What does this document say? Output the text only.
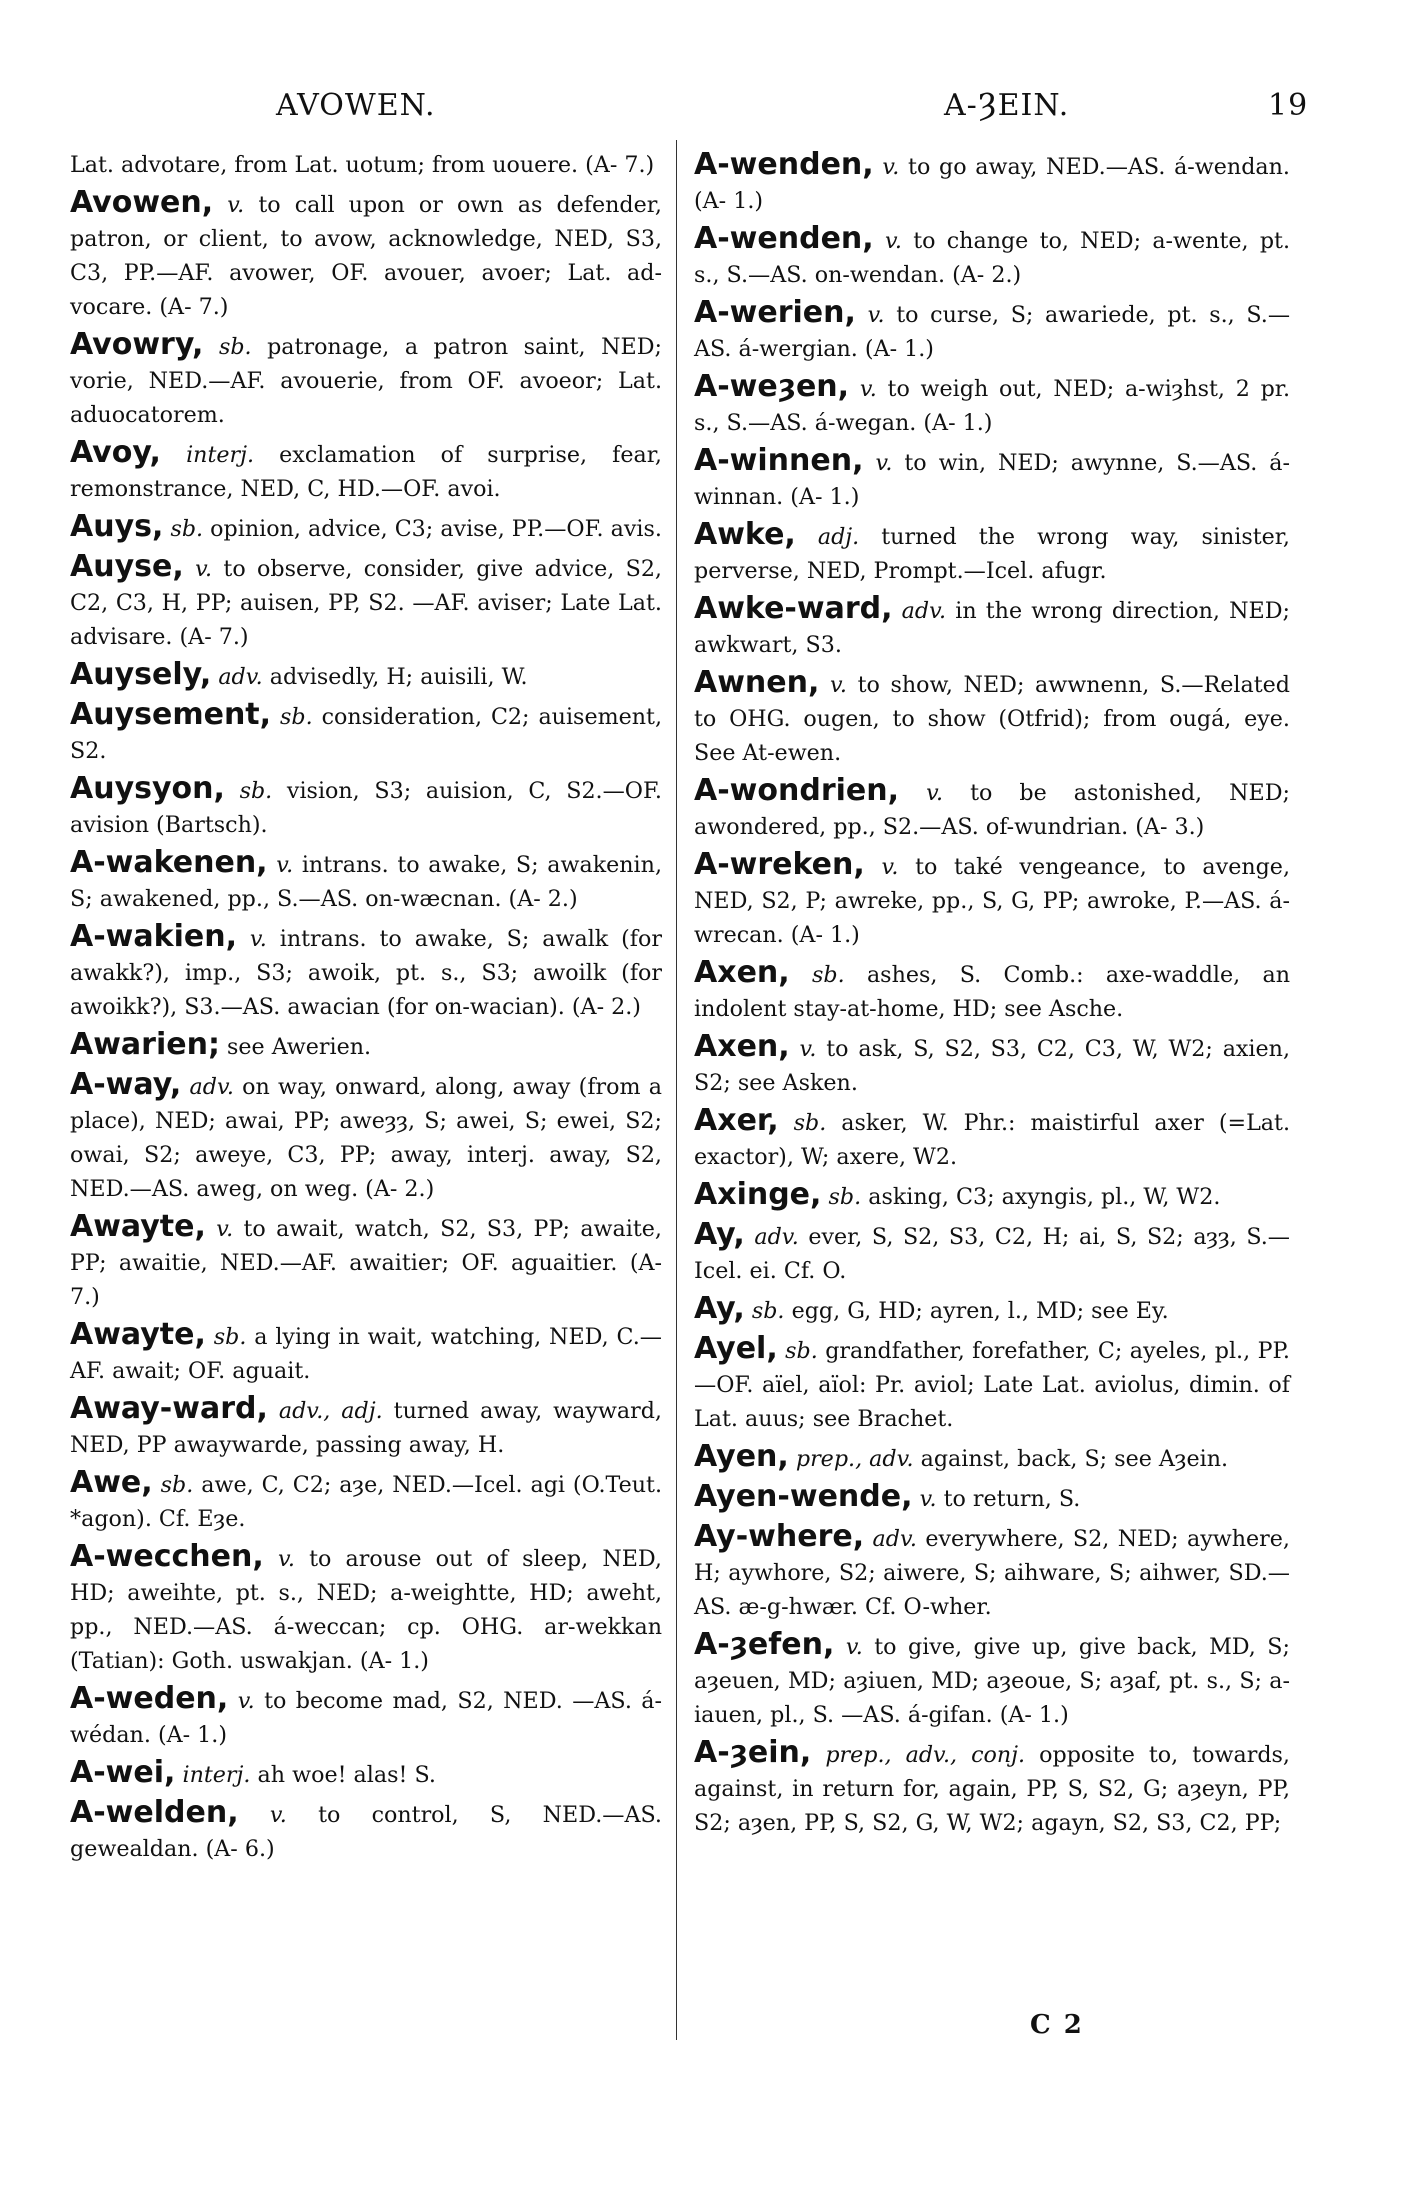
AVOWEN.	A-ȜEIN.	19

Lat. advotare, from Lat. uotum; from uouere. (A- 7.)

Avowen, v. to call upon or own as defender, patron, or client, to avow, acknowledge, NED, S3, C3, PP.—AF. avower, OF. avouer, avoer; Lat. ad-vocare. (A- 7.)

Avowry, sb. patronage, a patron saint, NED; vorie, NED.—AF. avouerie, from OF. avoeor; Lat. aduocatorem.

Avoy, interj. exclamation of surprise, fear, remonstrance, NED, C, HD.—OF. avoi.

Auys, sb. opinion, advice, C3; avise, PP.—OF. avis.

Auyse, v. to observe, consider, give advice, S2, C2, C3, H, PP; auisen, PP, S2. —AF. aviser; Late Lat. advisare. (A- 7.)

Auysely, adv. advisedly, H; auisili, W.

Auysement, sb. consideration, C2; auisement, S2.

Auysyon, sb. vision, S3; auision, C, S2.—OF. avision (Bartsch).

A-wakenen, v. intrans. to awake, S; awakenin, S; awakened, pp., S.—AS. on-wæcnan. (A- 2.)

A-wakien, v. intrans. to awake, S; awalk (for awakk?), imp., S3; awoik, pt. s., S3; awoilk (for awoikk?), S3.—AS. awacian (for on-wacian). (A- 2.)

Awarien; see Awerien.

A-way, adv. on way, onward, along, away (from a place), NED; awai, PP; aweȝȝ, S; awei, S; ewei, S2; owai, S2; aweye, C3, PP; away, interj. away, S2, NED.—AS. aweg, on weg. (A- 2.)

Awayte, v. to await, watch, S2, S3, PP; awaite, PP; awaitie, NED.—AF. awaitier; OF. aguaitier. (A- 7.)

Awayte, sb. a lying in wait, watching, NED, C.—AF. await; OF. aguait.

Away-ward, adv., adj. turned away, wayward, NED, PP awaywarde, passing away, H.

Awe, sb. awe, C, C2; aȝe, NED.—Icel. agi (O.Teut. *agon). Cf. Eȝe.

A-wecchen, v. to arouse out of sleep, NED, HD; aweihte, pt. s., NED; a-weightte, HD; aweht, pp., NED.—AS. á-weccan; cp. OHG. ar-wekkan (Tatian): Goth. uswakjan. (A- 1.)

A-weden, v. to become mad, S2, NED. —AS. á-wédan. (A- 1.)

A-wei, interj. ah woe! alas! S.

A-welden, v. to control, S, NED.—AS. gewealdan. (A- 6.)

A-wenden, v. to go away, NED.—AS. á-wendan. (A- 1.)

A-wenden, v. to change to, NED; a-wente, pt. s., S.—AS. on-wendan. (A- 2.)

A-werien, v. to curse, S; awariede, pt. s., S.—AS. á-wergian. (A- 1.)

A-weȝen, v. to weigh out, NED; a-wiȝhst, 2 pr. s., S.—AS. á-wegan. (A- 1.)

A-winnen, v. to win, NED; awynne, S.—AS. á-winnan. (A- 1.)

Awke, adj. turned the wrong way, sinister, perverse, NED, Prompt.—Icel. afugr.

Awke-ward, adv. in the wrong direction, NED; awkwart, S3.

Awnen, v. to show, NED; awwnenn, S.—Related to OHG. ougen, to show (Otfrid); from ougá, eye. See At-ewen.

A-wondrien, v. to be astonished, NED; awondered, pp., S2.—AS. of-wundrian. (A- 3.)

A-wreken, v. to také vengeance, to avenge, NED, S2, P; awreke, pp., S, G, PP; awroke, P.—AS. á-wrecan. (A- 1.)

Axen, sb. ashes, S. Comb.: axe-waddle, an indolent stay-at-home, HD; see Asche.

Axen, v. to ask, S, S2, S3, C2, C3, W, W2; axien, S2; see Asken.

Axer, sb. asker, W. Phr.: maistirful axer (=Lat. exactor), W; axere, W2.

Axinge, sb. asking, C3; axyngis, pl., W, W2.

Ay, adv. ever, S, S2, S3, C2, H; ai, S, S2; aȝȝ, S.—Icel. ei. Cf. O.

Ay, sb. egg, G, HD; ayren, l., MD; see Ey.

Ayel, sb. grandfather, forefather, C; ayeles, pl., PP.—OF. aïel, aïol: Pr. aviol; Late Lat. aviolus, dimin. of Lat. auus; see Brachet.

Ayen, prep., adv. against, back, S; see Aȝein.

Ayen-wende, v. to return, S.

Ay-where, adv. everywhere, S2, NED; aywhere, H; aywhore, S2; aiwere, S; aihware, S; aihwer, SD.—AS. æ-g-hwær. Cf. O-wher.

A-ȝefen, v. to give, give up, give back, MD, S; aȝeuen, MD; aȝiuen, MD; aȝeoue, S; aȝaf, pt. s., S; a-iauen, pl., S. —AS. á-gifan. (A- 1.)

A-ȝein, prep., adv., conj. opposite to, towards, against, in return for, again, PP, S, S2, G; aȝeyn, PP, S2; aȝen, PP, S, S2, G, W, W2; agayn, S2, S3, C2, PP;

C 2
